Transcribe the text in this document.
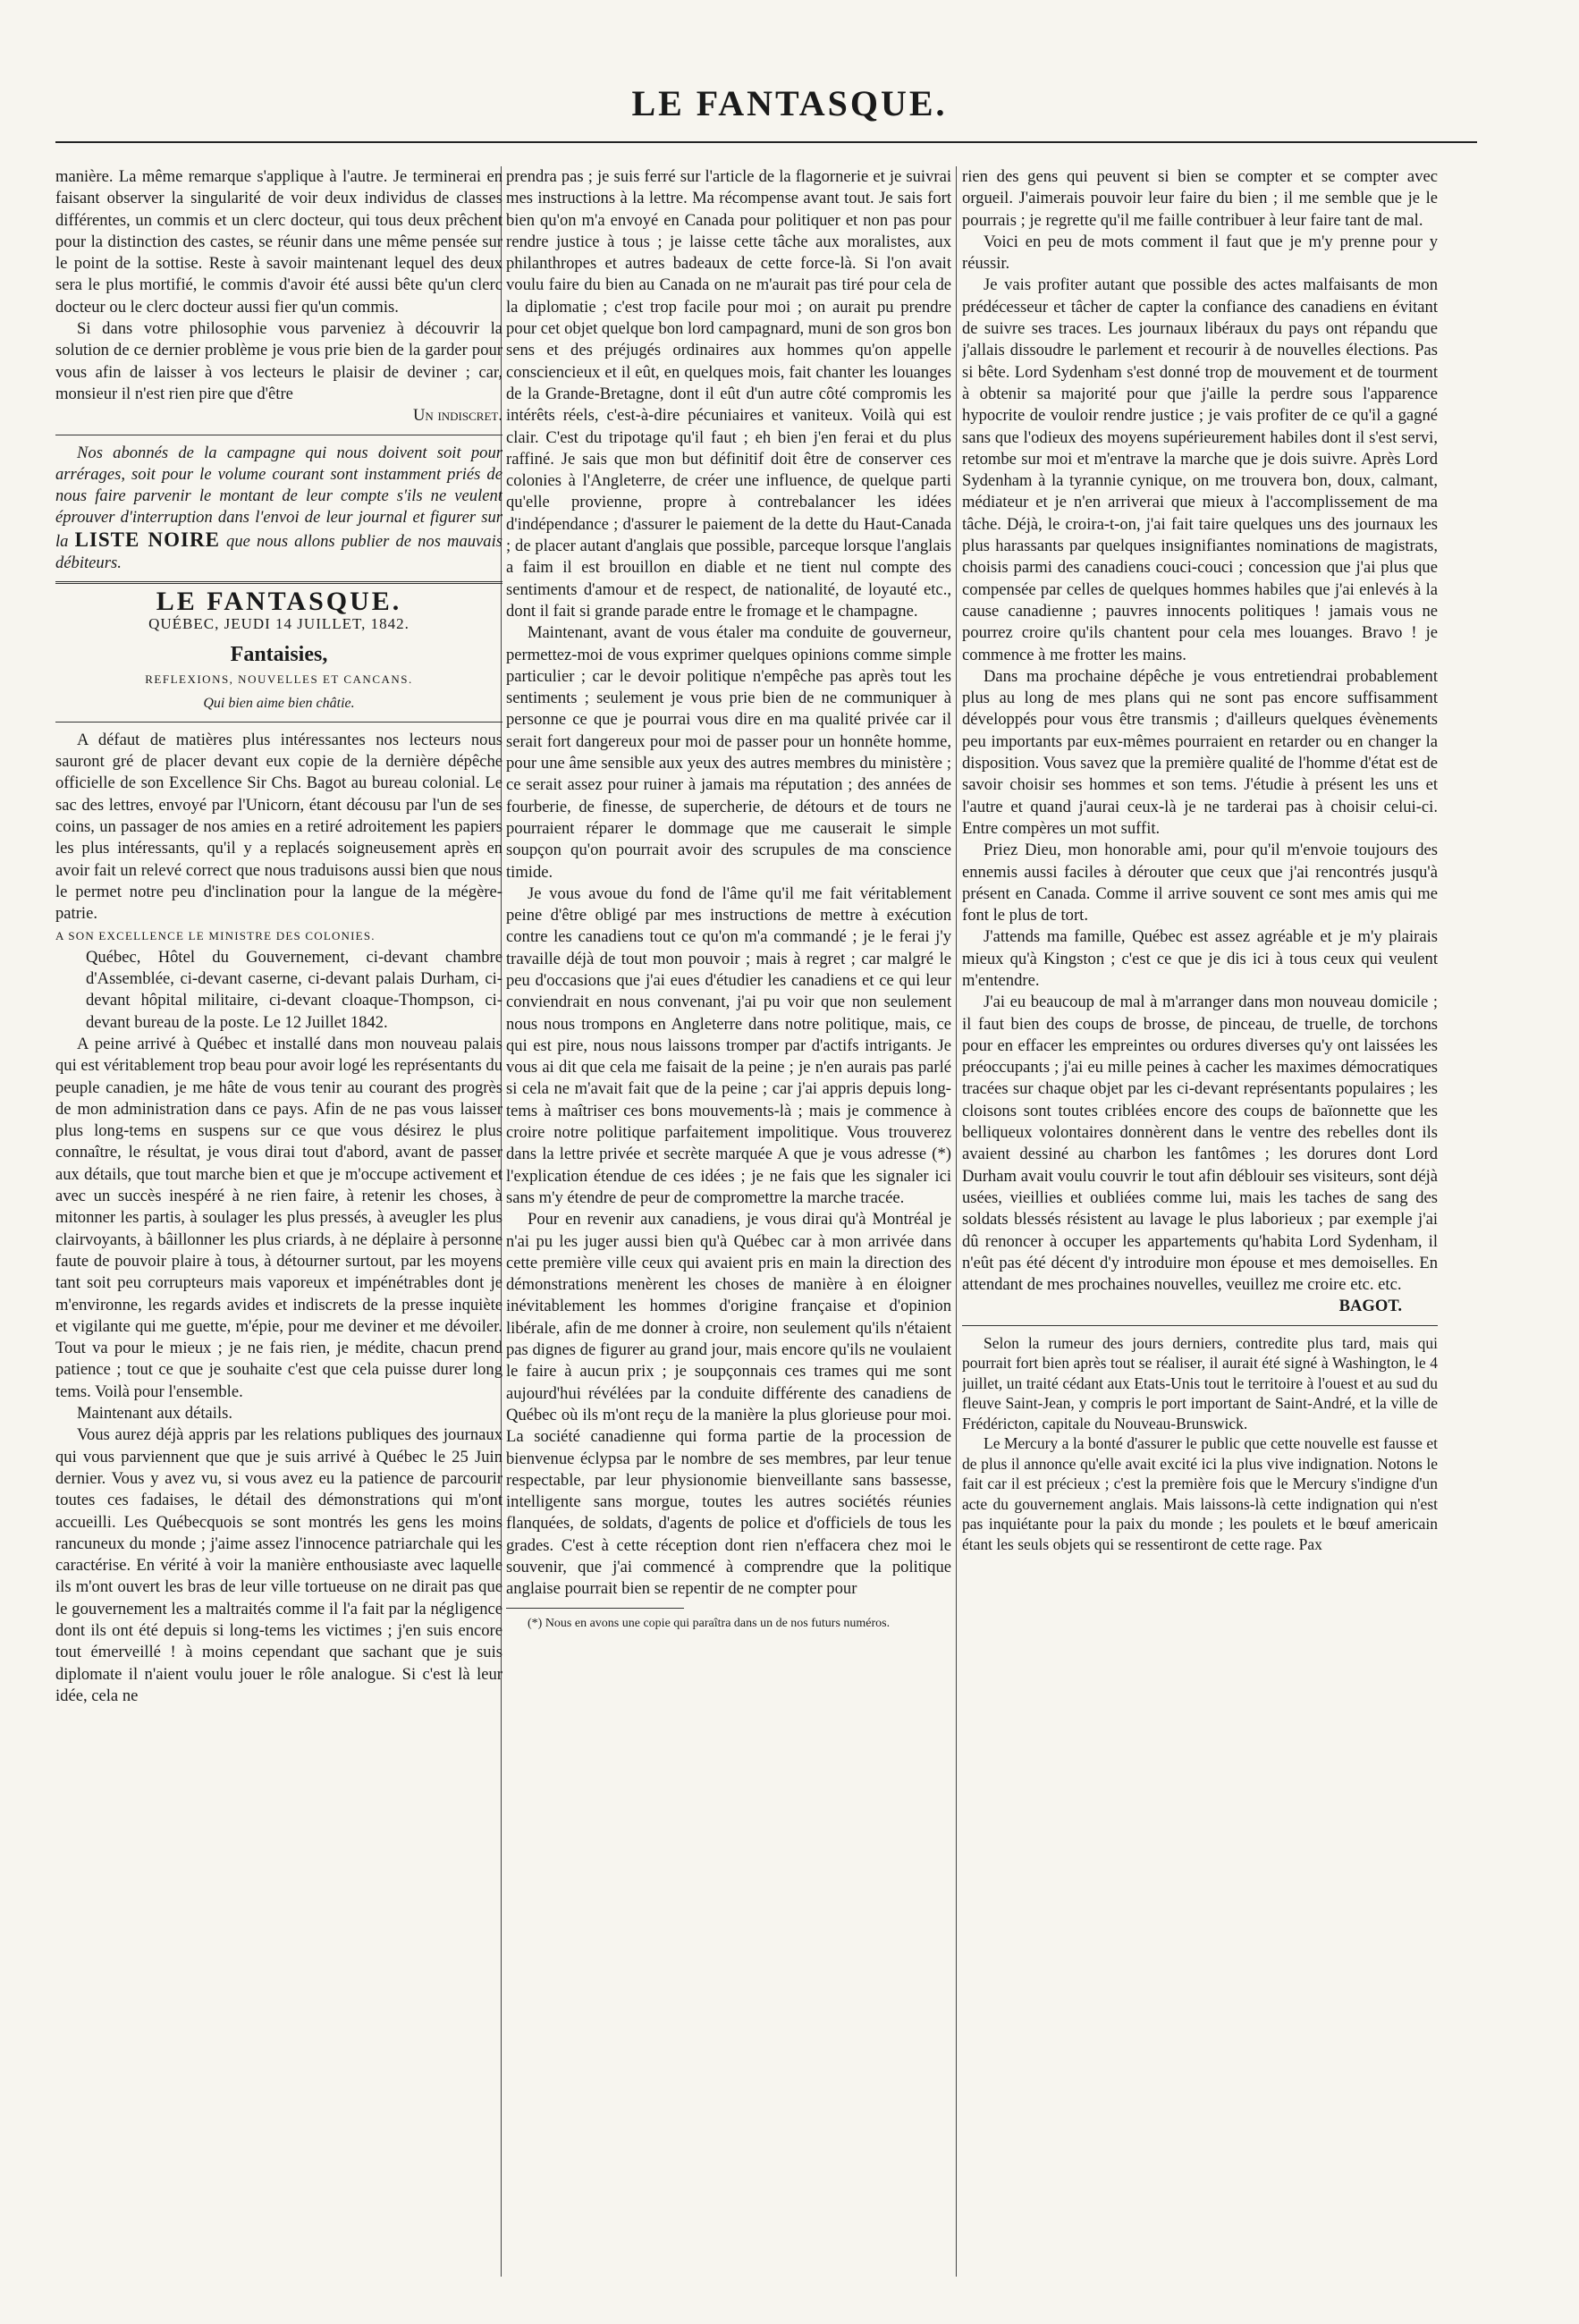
LE FANTASQUE.

manière. La même remarque s'applique à l'autre. Je terminerai en faisant observer la singularité de voir deux individus de classes différentes, un commis et un clerc docteur, qui tous deux prêchent pour la distinction des castes, se réunir dans une même pensée sur le point de la sottise. Reste à savoir maintenant lequel des deux sera le plus mortifié, le commis d'avoir été aussi bête qu'un clerc docteur ou le clerc docteur aussi fier qu'un commis.

Si dans votre philosophie vous parveniez à découvrir la solution de ce dernier problème je vous prie bien de la garder pour vous afin de laisser à vos lecteurs le plaisir de deviner ; car, monsieur il n'est rien pire que d'être

Un indiscret.

Nos abonnés de la campagne qui nous doivent soit pour arrérages, soit pour le volume courant sont instamment priés de nous faire parvenir le montant de leur compte s'ils ne veulent éprouver d'interruption dans l'envoi de leur journal et figurer sur la LISTE NOIRE que nous allons publier de nos mauvais débiteurs.

LE FANTASQUE.
QUÉBEC, JEUDI 14 JUILLET, 1842.
Fantaisies,
REFLEXIONS, NOUVELLES ET CANCANS.
Qui bien aime bien châtie.

A défaut de matières plus intéressantes nos lecteurs nous sauront gré de placer devant eux copie de la dernière dépêche officielle de son Excellence Sir Chs. Bagot au bureau colonial. Le sac des lettres, envoyé par l'Unicorn, étant décousu par l'un de ses coins, un passager de nos amies en a retiré adroitement les papiers les plus intéressants, qu'il y a replacés soigneusement après en avoir fait un relevé correct que nous traduisons aussi bien que nous le permet notre peu d'inclination pour la langue de la mégère-patrie.

A SON EXCELLENCE LE MINISTRE DES COLONIES.

Québec, Hôtel du Gouvernement, ci-devant chambre d'Assemblée, ci-devant caserne, ci-devant palais Durham, ci-devant hôpital militaire, ci-devant cloaque-Thompson, ci-devant bureau de la poste. Le 12 Juillet 1842.

A peine arrivé à Québec et installé dans mon nouveau palais qui est véritablement trop beau pour avoir logé les représentants du peuple canadien, je me hâte de vous tenir au courant des progrès de mon administration dans ce pays. Afin de ne pas vous laisser plus long-tems en suspens sur ce que vous désirez le plus connaître, le résultat, je vous dirai tout d'abord, avant de passer aux détails, que tout marche bien et que je m'occupe activement et avec un succès inespéré à ne rien faire, à retenir les choses, à mitonner les partis, à soulager les plus pressés, à aveugler les plus clairvoyants, à bâillonner les plus criards, à ne déplaire à personne faute de pouvoir plaire à tous, à détourner surtout, par les moyens tant soit peu corrupteurs mais vaporeux et impénétrables dont je m'environne, les regards avides et indiscrets de la presse inquiète et vigilante qui me guette, m'épie, pour me deviner et me dévoiler. Tout va pour le mieux ; je ne fais rien, je médite, chacun prend patience ; tout ce que je souhaite c'est que cela puisse durer long tems. Voilà pour l'ensemble.

Maintenant aux détails.

Vous aurez déjà appris par les relations publiques des journaux qui vous parviennent que que je suis arrivé à Québec le 25 Juin dernier. Vous y avez vu, si vous avez eu la patience de parcourir toutes ces fadaises, le détail des démonstrations qui m'ont accueilli. Les Québecquois se sont montrés les gens les moins rancuneux du monde ; j'aime assez l'innocence patriarchale qui les caractérise. En vérité à voir la manière enthousiaste avec laquelle ils m'ont ouvert les bras de leur ville tortueuse on ne dirait pas que le gouvernement les a maltraités comme il l'a fait par la négligence dont ils ont été depuis si long-tems les victimes ; j'en suis encore tout émerveillé ! à moins cependant que sachant que je suis diplomate il n'aient voulu jouer le rôle analogue. Si c'est là leur idée, cela ne

prendra pas ; je suis ferré sur l'article de la flagornerie et je suivrai mes instructions à la lettre. Ma récompense avant tout. Je sais fort bien qu'on m'a envoyé en Canada pour politiquer et non pas pour rendre justice à tous ; je laisse cette tâche aux moralistes, aux philanthropes et autres badeaux de cette force-là. Si l'on avait voulu faire du bien au Canada on ne m'aurait pas tiré pour cela de la diplomatie ; c'est trop facile pour moi ; on aurait pu prendre pour cet objet quelque bon lord campagnard, muni de son gros bon sens et des préjugés ordinaires aux hommes qu'on appelle consciencieux et il eût, en quelques mois, fait chanter les louanges de la Grande-Bretagne, dont il eût d'un autre côté compromis les intérêts réels, c'est-à-dire pécuniaires et vaniteux. Voilà qui est clair. C'est du tripotage qu'il faut ; eh bien j'en ferai et du plus raffiné. Je sais que mon but définitif doit être de conserver ces colonies à l'Angleterre, de créer une influence, de quelque parti qu'elle provienne, propre à contrebalancer les idées d'indépendance ; d'assurer le paiement de la dette du Haut-Canada ; de placer autant d'anglais que possible, parceque lorsque l'anglais a faim il est brouillon en diable et ne tient nul compte des sentiments d'amour et de respect, de nationalité, de loyauté etc., dont il fait si grande parade entre le fromage et le champagne.

Maintenant, avant de vous étaler ma conduite de gouverneur, permettez-moi de vous exprimer quelques opinions comme simple particulier ; car le devoir politique n'empêche pas après tout les sentiments ; seulement je vous prie bien de ne communiquer à personne ce que je pourrai vous dire en ma qualité privée car il serait fort dangereux pour moi de passer pour un honnête homme, pour une âme sensible aux yeux des autres membres du ministère ; ce serait assez pour ruiner à jamais ma réputation ; des années de fourberie, de finesse, de supercherie, de détours et de tours ne pourraient réparer le dommage que me causerait le simple soupçon qu'on pourrait avoir des scrupules de ma conscience timide.

Je vous avoue du fond de l'âme qu'il me fait véritablement peine d'être obligé par mes instructions de mettre à exécution contre les canadiens tout ce qu'on m'a commandé ; je le ferai j'y travaille déjà de tout mon pouvoir ; mais à regret ; car malgré le peu d'occasions que j'ai eues d'étudier les canadiens et ce qui leur conviendrait en nous convenant, j'ai pu voir que non seulement nous nous trompons en Angleterre dans notre politique, mais, ce qui est pire, nous nous laissons tromper par d'actifs intrigants. Je vous ai dit que cela me faisait de la peine ; je n'en aurais pas parlé si cela ne m'avait fait que de la peine ; car j'ai appris depuis long-tems à maîtriser ces bons mouvements-là ; mais je commence à croire notre politique parfaitement impolitique. Vous trouverez dans la lettre privée et secrète marquée A que je vous adresse (*) l'explication étendue de ces idées ; je ne fais que les signaler ici sans m'y étendre de peur de compromettre la marche tracée.

Pour en revenir aux canadiens, je vous dirai qu'à Montréal je n'ai pu les juger aussi bien qu'à Québec car à mon arrivée dans cette première ville ceux qui avaient pris en main la direction des démonstrations menèrent les choses de manière à en éloigner inévitablement les hommes d'origine française et d'opinion libérale, afin de me donner à croire, non seulement qu'ils n'étaient pas dignes de figurer au grand jour, mais encore qu'ils ne voulaient le faire à aucun prix ; je soupçonnais ces trames qui me sont aujourd'hui révélées par la conduite différente des canadiens de Québec où ils m'ont reçu de la manière la plus glorieuse pour moi. La société canadienne qui forma partie de la procession de bienvenue éclypsa par le nombre de ses membres, par leur tenue respectable, par leur physionomie bienveillante sans bassesse, intelligente sans morgue, toutes les autres sociétés réunies flanquées, de soldats, d'agents de police et d'officiels de tous les grades. C'est à cette réception dont rien n'effacera chez moi le souvenir, que j'ai commencé à comprendre que la politique anglaise pourrait bien se repentir de ne compter pour

(*) Nous en avons une copie qui paraîtra dans un de nos futurs numéros.

rien des gens qui peuvent si bien se compter et se compter avec orgueil. J'aimerais pouvoir leur faire du bien ; il me semble que je le pourrais ; je regrette qu'il me faille contribuer à leur faire tant de mal.

Voici en peu de mots comment il faut que je m'y prenne pour y réussir.

Je vais profiter autant que possible des actes malfaisants de mon prédécesseur et tâcher de capter la confiance des canadiens en évitant de suivre ses traces. Les journaux libéraux du pays ont répandu que j'allais dissoudre le parlement et recourir à de nouvelles élections. Pas si bête. Lord Sydenham s'est donné trop de mouvement et de tourment à obtenir sa majorité pour que j'aille la perdre sous l'apparence hypocrite de vouloir rendre justice ; je vais profiter de ce qu'il a gagné sans que l'odieux des moyens supérieurement habiles dont il s'est servi, retombe sur moi et m'entrave la marche que je dois suivre. Après Lord Sydenham à la tyrannie cynique, on me trouvera bon, doux, calmant, médiateur et je n'en arriverai que mieux à l'accomplissement de ma tâche. Déjà, le croira-t-on, j'ai fait taire quelques uns des journaux les plus harassants par quelques insignifiantes nominations de magistrats, choisis parmi des canadiens couci-couci ; concession que j'ai plus que compensée par celles de quelques hommes habiles que j'ai enlevés à la cause canadienne ; pauvres innocents politiques ! jamais vous ne pourrez croire qu'ils chantent pour cela mes louanges. Bravo ! je commence à me frotter les mains.

Dans ma prochaine dépêche je vous entretiendrai probablement plus au long de mes plans qui ne sont pas encore suffisamment développés pour vous être transmis ; d'ailleurs quelques évènements peu importants par eux-mêmes pourraient en retarder ou en changer la disposition. Vous savez que la première qualité de l'homme d'état est de savoir choisir ses hommes et son tems. J'étudie à présent les uns et l'autre et quand j'aurai ceux-là je ne tarderai pas à choisir celui-ci. Entre compères un mot suffit.

Priez Dieu, mon honorable ami, pour qu'il m'envoie toujours des ennemis aussi faciles à dérouter que ceux que j'ai rencontrés jusqu'à présent en Canada. Comme il arrive souvent ce sont mes amis qui me font le plus de tort.

J'attends ma famille, Québec est assez agréable et je m'y plairais mieux qu'à Kingston ; c'est ce que je dis ici à tous ceux qui veulent m'entendre.

J'ai eu beaucoup de mal à m'arranger dans mon nouveau domicile ; il faut bien des coups de brosse, de pinceau, de truelle, de torchons pour en effacer les empreintes ou ordures diverses qu'y ont laissées les préoccupants ; j'ai eu mille peines à cacher les maximes démocratiques tracées sur chaque objet par les ci-devant représentants populaires ; les cloisons sont toutes criblées encore des coups de baïonnette que les belliqueux volontaires donnèrent dans le ventre des rebelles dont ils avaient dessiné au charbon les fantômes ; les dorures dont Lord Durham avait voulu couvrir le tout afin déblouir ses visiteurs, sont déjà usées, vieillies et oubliées comme lui, mais les taches de sang des soldats blessés résistent au lavage le plus laborieux ; par exemple j'ai dû renoncer à occuper les appartements qu'habita Lord Sydenham, il n'eût pas été décent d'y introduire mon épouse et mes demoiselles. En attendant de mes prochaines nouvelles, veuillez me croire etc. etc.

BAGOT.

Selon la rumeur des jours derniers, contredite plus tard, mais qui pourrait fort bien après tout se réaliser, il aurait été signé à Washington, le 4 juillet, un traité cédant aux Etats-Unis tout le territoire à l'ouest et au sud du fleuve Saint-Jean, y compris le port important de Saint-André, et la ville de Frédéricton, capitale du Nouveau-Brunswick.

Le Mercury a la bonté d'assurer le public que cette nouvelle est fausse et de plus il annonce qu'elle avait excité ici la plus vive indignation. Notons le fait car il est précieux ; c'est la première fois que le Mercury s'indigne d'un acte du gouvernement anglais. Mais laissons-là cette indignation qui n'est pas inquiétante pour la paix du monde ; les poulets et le bœuf americain étant les seuls objets qui se ressentiront de cette rage. Pax
